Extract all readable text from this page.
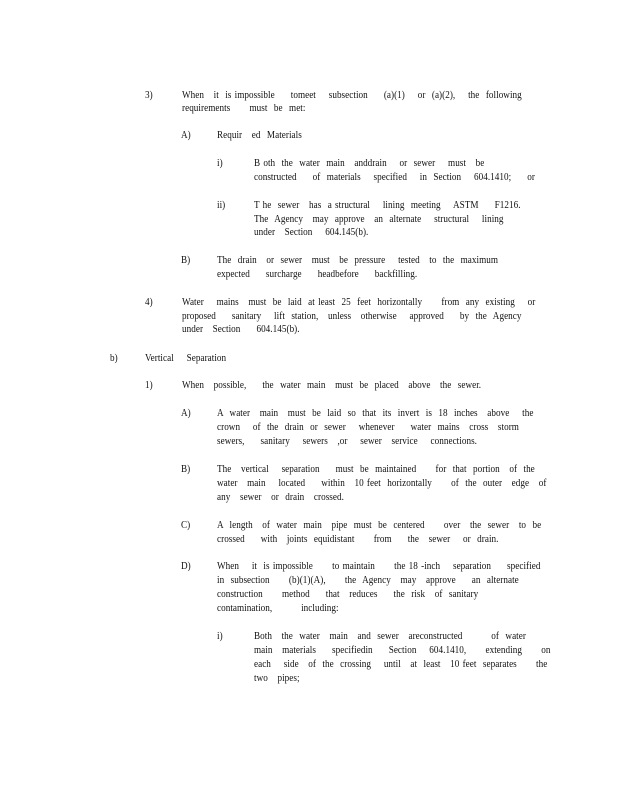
3)	When   it  is impossible     tomeet    subsection     (a)(1)    or  (a)(2),    the  following
requirements      must  be  met:
A)	Requir   ed  Materials
i)	B oth  the  water  main   anddrain    or  sewer    must   be
constructed     of  materials    specified    in  Section    604.1410;     or
ii)	T he  sewer   has  a structural    lining  meeting    ASTM     F1216.
The  Agency   may  approve   an  alternate    structural    lining
under   Section    604.145(b).
B)	The  drain   or  sewer   must   be  pressure    tested   to  the  maximum
expected     surcharge     headbefore     backfilling.
4)	Water    mains   must  be  laid  at least  25  feet  horizontally      from  any  existing    or
proposed     sanitary    lift  station,   unless   otherwise    approved     by  the  Agency
under   Section     604.145(b).
b)	Vertical    Separation
1)	When   possible,     the  water  main   must  be  placed   above   the  sewer.
A)	A  water   main   must  be  laid  so  that  its  invert  is  18  inches   above    the
crown    of  the  drain  or  sewer    whenever     water  mains   cross   storm
sewers,     sanitary    sewers   ,or    sewer   service    connections.
B)	The   vertical    separation     must  be  maintained      for  that  portion   of  the
water   main    located     within   10 feet  horizontally      of  the  outer   edge   of
any   sewer   or  drain   crossed.
C)	A  length   of  water  main   pipe  must  be  centered      over   the  sewer   to  be
crossed     with   joints  equidistant      from     the   sewer    or  drain.
D)	When    it  is impossible      to maintain      the 18 -inch    separation     specified
in  subsection      (b)(1)(A),      the  Agency   may   approve     an  alternate
construction      method     that   reduces     the  risk   of  sanitary
contamination,         including:
i)	Both   the  water   main   and  sewer   areconstructed         of  water
main   materials     specifiedin     Section    604.1410,      extending      on
each    side   of  the  crossing    until   at  least   10 feet  separates      the
two   pipes;
